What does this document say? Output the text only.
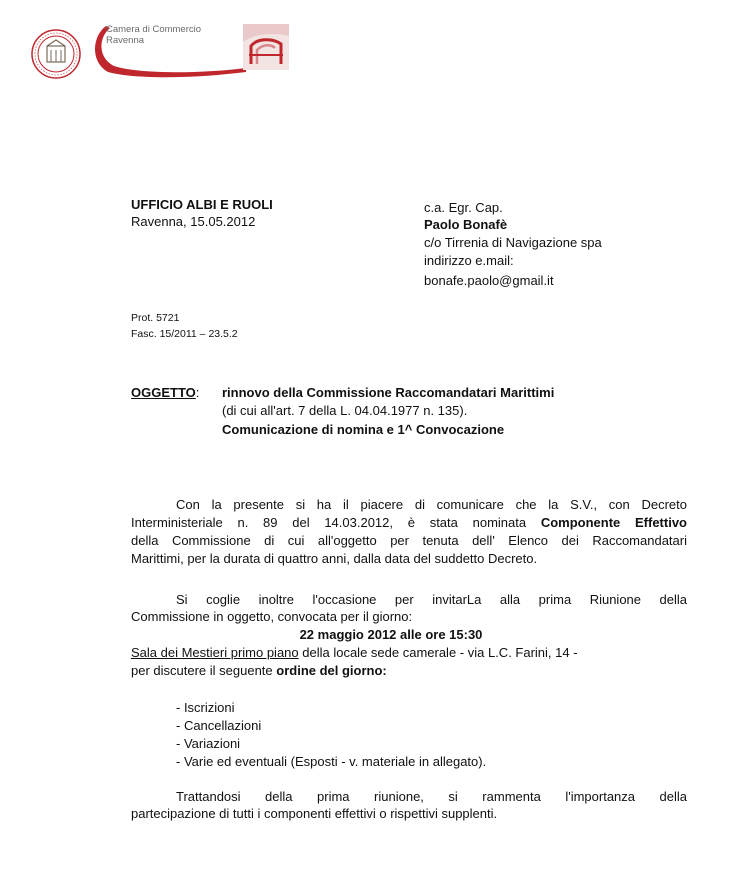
Camera di Commercio
Ravenna
UFFICIO ALBI E RUOLI
Ravenna, 15.05.2012
c.a. Egr. Cap.
Paolo Bonafè
c/o Tirrenia di Navigazione spa
indirizzo e.mail:
bonafe.paolo@gmail.it
Prot. 5721
Fasc. 15/2011 – 23.5.2
OGGETTO: rinnovo della Commissione Raccomandatari Marittimi
(di cui all'art. 7 della L. 04.04.1977 n. 135).
Comunicazione di nomina e 1^ Convocazione
Con la presente si ha il piacere di comunicare che la S.V., con Decreto
Interministeriale n. 89 del 14.03.2012, è stata nominata Componente Effettivo
della Commissione di cui all'oggetto per tenuta dell' Elenco dei Raccomandatari
Marittimi, per la durata di quattro anni, dalla data del suddetto Decreto.
Si coglie inoltre l'occasione per invitarLa alla prima Riunione della
Commissione in oggetto, convocata per il giorno:
22 maggio 2012 alle ore 15:30
Sala dei Mestieri primo piano della locale sede camerale - via L.C. Farini, 14 -
per discutere il seguente ordine del giorno:
- Iscrizioni
- Cancellazioni
- Variazioni
- Varie ed eventuali (Esposti - v. materiale in allegato).
Trattandosi della prima riunione, si rammenta l'importanza della
partecipazione di tutti i componenti effettivi o rispettivi supplenti.
